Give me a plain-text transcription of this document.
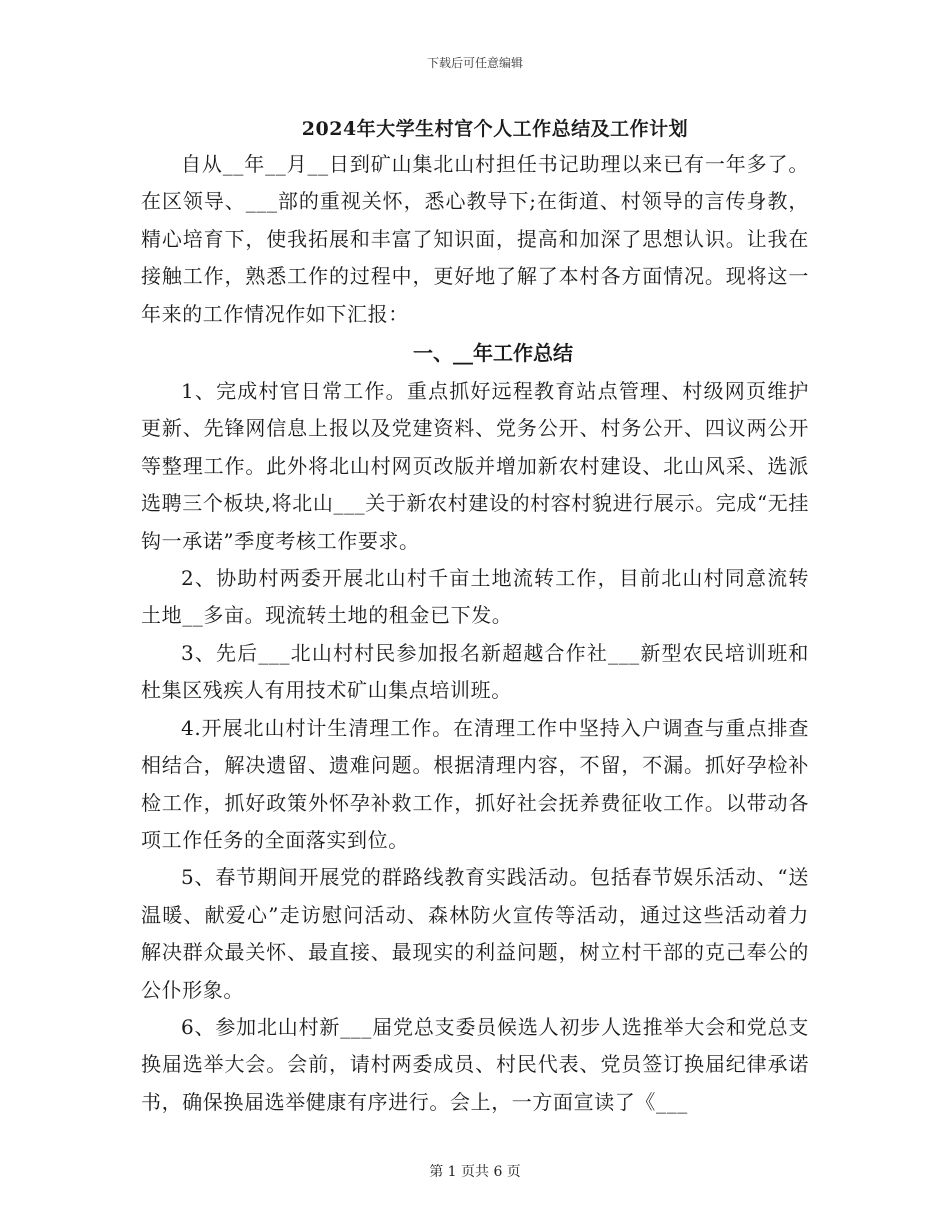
下载后可任意编辑

2024年大学生村官个人工作总结及工作计划

自从__年__月__日到矿山集北山村担任书记助理以来已有一年多了。在区领导、___部的重视关怀，悉心教导下;在街道、村领导的言传身教，精心培育下，使我拓展和丰富了知识面，提高和加深了思想认识。让我在接触工作，熟悉工作的过程中，更好地了解了本村各方面情况。现将这一年来的工作情况作如下汇报：

一、__年工作总结

1、完成村官日常工作。重点抓好远程教育站点管理、村级网页维护更新、先锋网信息上报以及党建资料、党务公开、村务公开、四议两公开等整理工作。此外将北山村网页改版并增加新农村建设、北山风采、选派选聘三个板块,将北山___关于新农村建设的村容村貌进行展示。完成“无挂钩一承诺”季度考核工作要求。

2、协助村两委开展北山村千亩土地流转工作，目前北山村同意流转土地__多亩。现流转土地的租金已下发。

3、先后___北山村村民参加报名新超越合作社___新型农民培训班和杜集区残疾人有用技术矿山集点培训班。

4.开展北山村计生清理工作。在清理工作中坚持入户调查与重点排查相结合，解决遗留、遗难问题。根据清理内容，不留，不漏。抓好孕检补检工作，抓好政策外怀孕补救工作，抓好社会抚养费征收工作。以带动各项工作任务的全面落实到位。

5、春节期间开展党的群路线教育实践活动。包括春节娱乐活动、“送温暖、献爱心”走访慰问活动、森林防火宣传等活动，通过这些活动着力解决群众最关怀、最直接、最现实的利益问题，树立村干部的克己奉公的公仆形象。

6、参加北山村新___届党总支委员候选人初步人选推举大会和党总支换届选举大会。会前，请村两委成员、村民代表、党员签订换届纪律承诺书，确保换届选举健康有序进行。会上，一方面宣读了《___

第 1 页共 6 页
